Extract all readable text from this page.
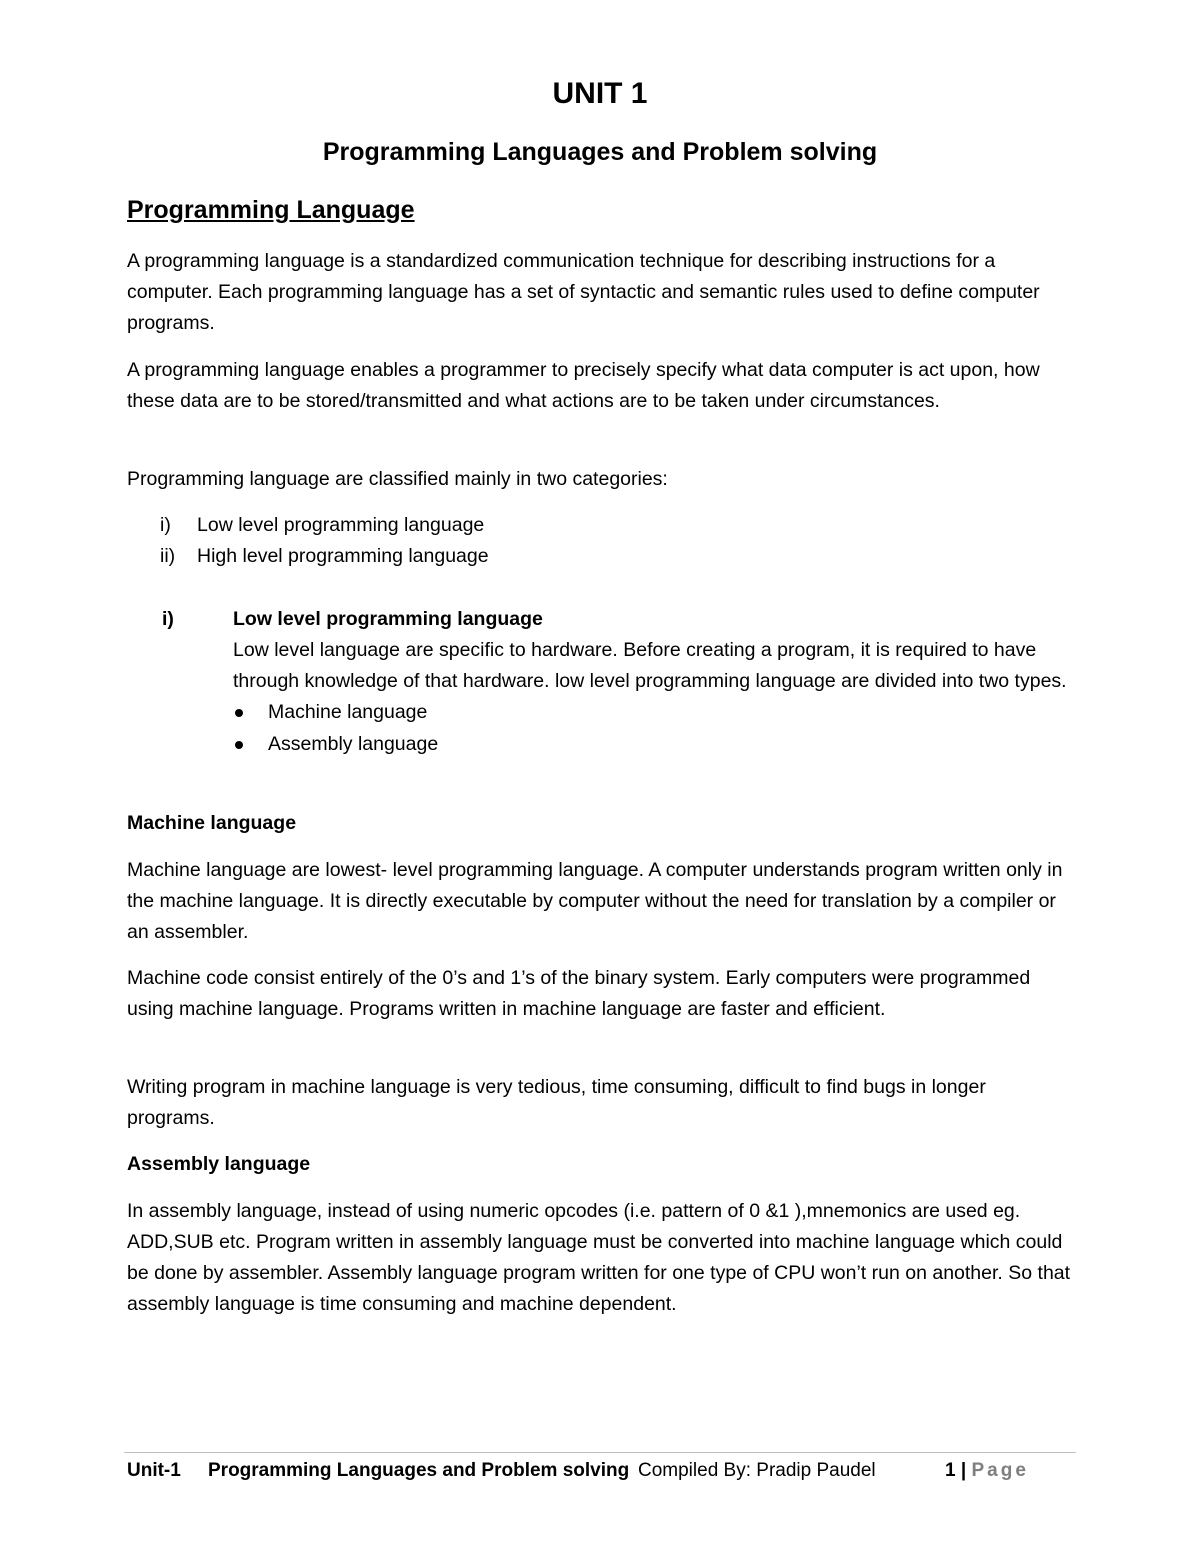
UNIT 1
Programming Languages and Problem solving
Programming Language

A programming language is a standardized communication technique for describing instructions for a computer. Each programming language has a set of syntactic and semantic rules used to define computer programs.

A programming language enables a programmer to precisely specify what data computer is act upon, how these data are to be stored/transmitted and what actions are to be taken under circumstances.

Programming language are classified mainly in two categories:

i) Low level programming language
ii) High level programming language
i)	Low level programming language

Low level language are specific to hardware. Before creating a program, it is required to have through knowledge of that hardware. low level programming language are divided into two types.

Machine language
Assembly language
Machine language

Machine language are lowest- level programming language. A computer understands program written only in the machine language. It is directly executable by computer without the need for translation by a compiler or an assembler.

Machine code consist entirely of the 0’s and 1’s of the binary system. Early computers were programmed using machine language. Programs written in machine language are faster and efficient.

Writing program in machine language is very tedious, time consuming, difficult to find bugs in longer programs.

Assembly language

In assembly language, instead of using numeric opcodes (i.e. pattern of 0 &1 ),mnemonics are used eg. ADD,SUB etc. Program written in assembly language must be converted into machine language which could be done by assembler. Assembly language program written for one type of CPU won’t run on another. So that assembly language is time consuming and machine dependent.

Unit-1 Programming Languages and Problem solving Compiled By: Pradip Paudel	1 | Page
